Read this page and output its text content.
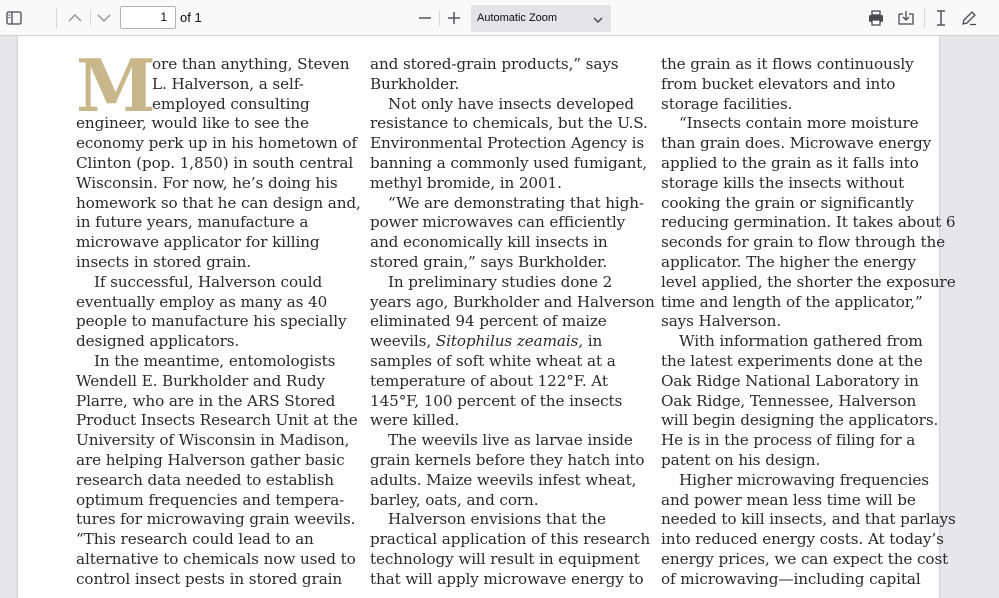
1	of 1	Automatic Zoom
M
ore than anything, Steven
L. Halverson, a self-
employed consulting
engineer, would like to see the
economy perk up in his hometown of
Clinton (pop. 1,850) in south central
Wisconsin. For now, he’s doing his
homework so that he can design and,
in future years, manufacture a
microwave applicator for killing
insects in stored grain.
If successful, Halverson could
eventually employ as many as 40
people to manufacture his specially
designed applicators.
In the meantime, entomologists
Wendell E. Burkholder and Rudy
Plarre, who are in the ARS Stored
Product Insects Research Unit at the
University of Wisconsin in Madison,
are helping Halverson gather basic
research data needed to establish
optimum frequencies and tempera-
tures for microwaving grain weevils.
“This research could lead to an
alternative to chemicals now used to
control insect pests in stored grain
and stored-grain products,” says
Burkholder.
Not only have insects developed
resistance to chemicals, but the U.S.
Environmental Protection Agency is
banning a commonly used fumigant,
methyl bromide, in 2001.
“We are demonstrating that high-
power microwaves can efficiently
and economically kill insects in
stored grain,” says Burkholder.
In preliminary studies done 2
years ago, Burkholder and Halverson
eliminated 94 percent of maize
weevils, Sitophilus zeamais, in
samples of soft white wheat at a
temperature of about 122°F. At
145°F, 100 percent of the insects
were killed.
The weevils live as larvae inside
grain kernels before they hatch into
adults. Maize weevils infest wheat,
barley, oats, and corn.
Halverson envisions that the
practical application of this research
technology will result in equipment
that will apply microwave energy to
the grain as it flows continuously
from bucket elevators and into
storage facilities.
“Insects contain more moisture
than grain does. Microwave energy
applied to the grain as it falls into
storage kills the insects without
cooking the grain or significantly
reducing germination. It takes about 6
seconds for grain to flow through the
applicator. The higher the energy
level applied, the shorter the exposure
time and length of the applicator,”
says Halverson.
With information gathered from
the latest experiments done at the
Oak Ridge National Laboratory in
Oak Ridge, Tennessee, Halverson
will begin designing the applicators.
He is in the process of filing for a
patent on his design.
Higher microwaving frequencies
and power mean less time will be
needed to kill insects, and that parlays
into reduced energy costs. At today’s
energy prices, we can expect the cost
of microwaving—including capital
